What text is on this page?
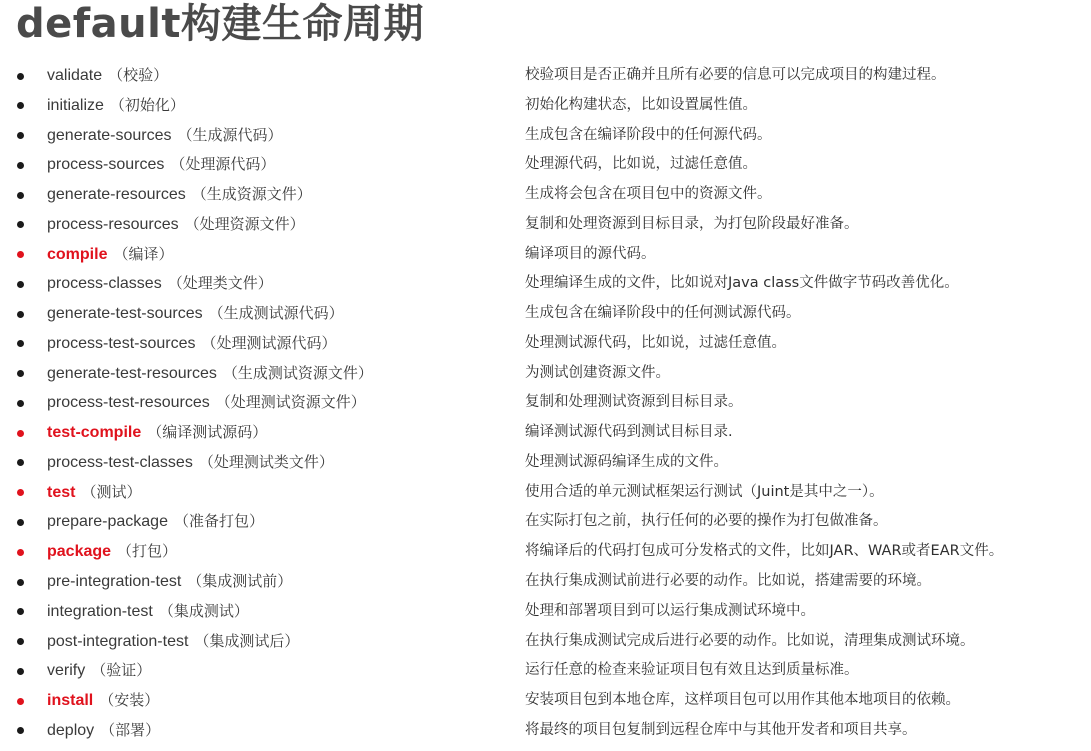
default构建生命周期
validate （校验）	校验项目是否正确并且所有必要的信息可以完成项目的构建过程。
initialize （初始化）	初始化构建状态，比如设置属性值。
generate-sources （生成源代码）	生成包含在编译阶段中的任何源代码。
process-sources （处理源代码）	处理源代码，比如说，过滤任意值。
generate-resources （生成资源文件）	生成将会包含在项目包中的资源文件。
process-resources （处理资源文件）	复制和处理资源到目标目录，为打包阶段最好准备。
compile （编译）	编译项目的源代码。
process-classes （处理类文件）	处理编译生成的文件，比如说对Java class文件做字节码改善优化。
generate-test-sources （生成测试源代码）	生成包含在编译阶段中的任何测试源代码。
process-test-sources （处理测试源代码）	处理测试源代码，比如说，过滤任意值。
generate-test-resources （生成测试资源文件）	为测试创建资源文件。
process-test-resources （处理测试资源文件）	复制和处理测试资源到目标目录。
test-compile （编译测试源码）	编译测试源代码到测试目标目录.
process-test-classes （处理测试类文件）	处理测试源码编译生成的文件。
test （测试）	使用合适的单元测试框架运行测试（Juint是其中之一）。
prepare-package （准备打包）	在实际打包之前，执行任何的必要的操作为打包做准备。
package （打包）	将编译后的代码打包成可分发格式的文件，比如JAR、WAR或者EAR文件。
pre-integration-test （集成测试前）	在执行集成测试前进行必要的动作。比如说，搭建需要的环境。
integration-test （集成测试）	处理和部署项目到可以运行集成测试环境中。
post-integration-test （集成测试后）	在执行集成测试完成后进行必要的动作。比如说，清理集成测试环境。
verify （验证）	运行任意的检查来验证项目包有效且达到质量标准。
install （安装）	安装项目包到本地仓库，这样项目包可以用作其他本地项目的依赖。
deploy （部署）	将最终的项目包复制到远程仓库中与其他开发者和项目共享。
